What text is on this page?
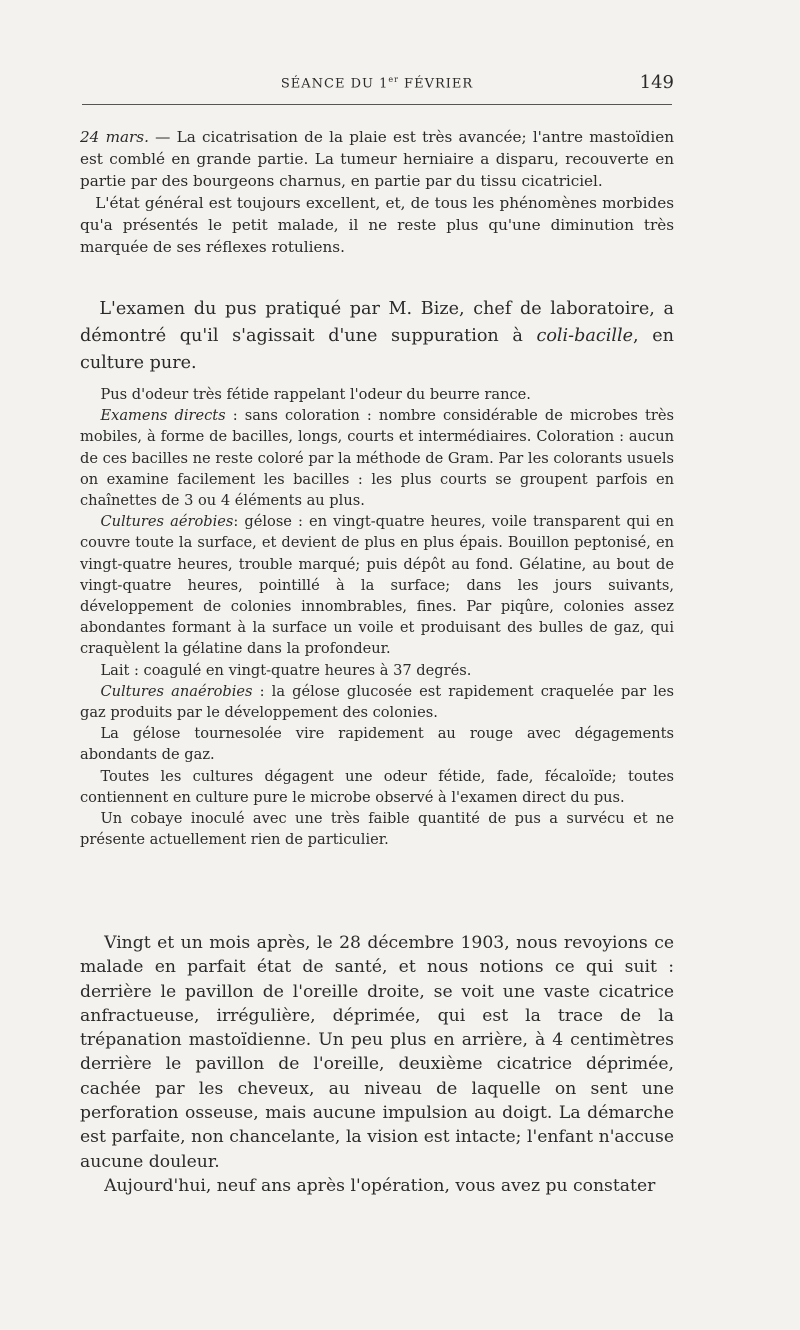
SÉANCE DU 1er FÉVRIER	149

24 mars. — La cicatrisation de la plaie est très avancée; l'antre mastoïdien est comblé en grande partie. La tumeur herniaire a disparu, recouverte en partie par des bourgeons charnus, en partie par du tissu cicatriciel.

L'état général est toujours excellent, et, de tous les phénomènes morbides qu'a présentés le petit malade, il ne reste plus qu'une diminution très marquée de ses réflexes rotuliens.

L'examen du pus pratiqué par M. Bize, chef de laboratoire, a démontré qu'il s'agissait d'une suppuration à coli-bacille, en culture pure.

Pus d'odeur très fétide rappelant l'odeur du beurre rance.

Examens directs : sans coloration : nombre considérable de microbes très mobiles, à forme de bacilles, longs, courts et intermédiaires. Coloration : aucun de ces bacilles ne reste coloré par la méthode de Gram. Par les colorants usuels on examine facilement les bacilles : les plus courts se groupent parfois en chaînettes de 3 ou 4 éléments au plus.

Cultures aérobies: gélose : en vingt-quatre heures, voile transparent qui en couvre toute la surface, et devient de plus en plus épais. Bouillon peptonisé, en vingt-quatre heures, trouble marqué; puis dépôt au fond. Gélatine, au bout de vingt-quatre heures, pointillé à la surface; dans les jours suivants, développement de colonies innombrables, fines. Par piqûre, colonies assez abondantes formant à la surface un voile et produisant des bulles de gaz, qui craquèlent la gélatine dans la profondeur.

Lait : coagulé en vingt-quatre heures à 37 degrés.

Cultures anaérobies : la gélose glucosée est rapidement craquelée par les gaz produits par le développement des colonies.

La gélose tournesolée vire rapidement au rouge avec dégagements abondants de gaz.

Toutes les cultures dégagent une odeur fétide, fade, fécaloïde; toutes contiennent en culture pure le microbe observé à l'examen direct du pus.

Un cobaye inoculé avec une très faible quantité de pus a survécu et ne présente actuellement rien de particulier.

Vingt et un mois après, le 28 décembre 1903, nous revoyions ce malade en parfait état de santé, et nous notions ce qui suit : derrière le pavillon de l'oreille droite, se voit une vaste cicatrice anfractueuse, irrégulière, déprimée, qui est la trace de la trépanation mastoïdienne. Un peu plus en arrière, à 4 centimètres derrière le pavillon de l'oreille, deuxième cicatrice déprimée, cachée par les cheveux, au niveau de laquelle on sent une perforation osseuse, mais aucune impulsion au doigt. La démarche est parfaite, non chancelante, la vision est intacte; l'enfant n'accuse aucune douleur.

Aujourd'hui, neuf ans après l'opération, vous avez pu constater
